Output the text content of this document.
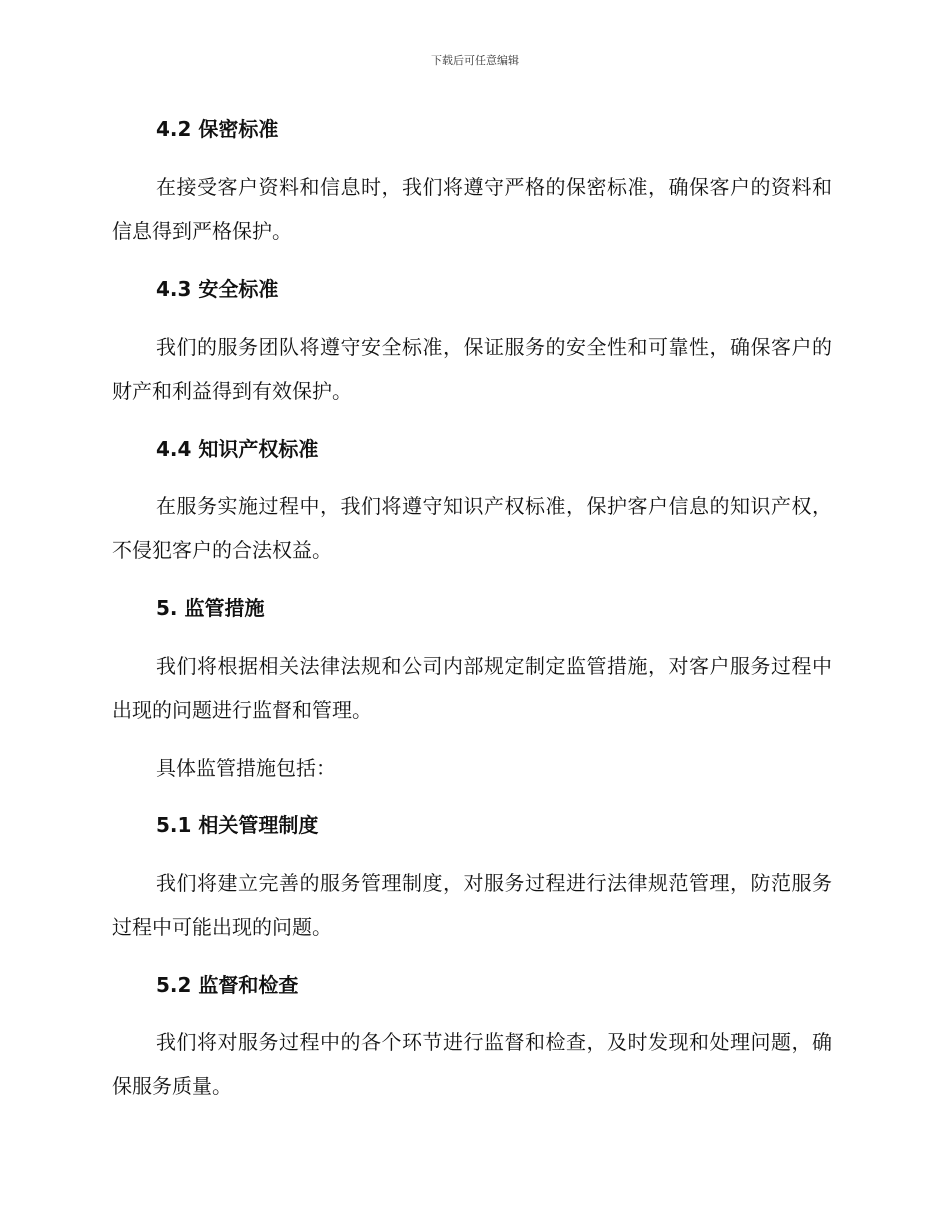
下载后可任意编辑
4.2 保密标准
在接受客户资料和信息时，我们将遵守严格的保密标准，确保客户的资料和信息得到严格保护。
4.3 安全标准
我们的服务团队将遵守安全标准，保证服务的安全性和可靠性，确保客户的财产和利益得到有效保护。
4.4 知识产权标准
在服务实施过程中，我们将遵守知识产权标准，保护客户信息的知识产权，不侵犯客户的合法权益。
5. 监管措施
我们将根据相关法律法规和公司内部规定制定监管措施，对客户服务过程中出现的问题进行监督和管理。
具体监管措施包括：
5.1 相关管理制度
我们将建立完善的服务管理制度，对服务过程进行法律规范管理，防范服务过程中可能出现的问题。
5.2 监督和检查
我们将对服务过程中的各个环节进行监督和检查，及时发现和处理问题，确保服务质量。
